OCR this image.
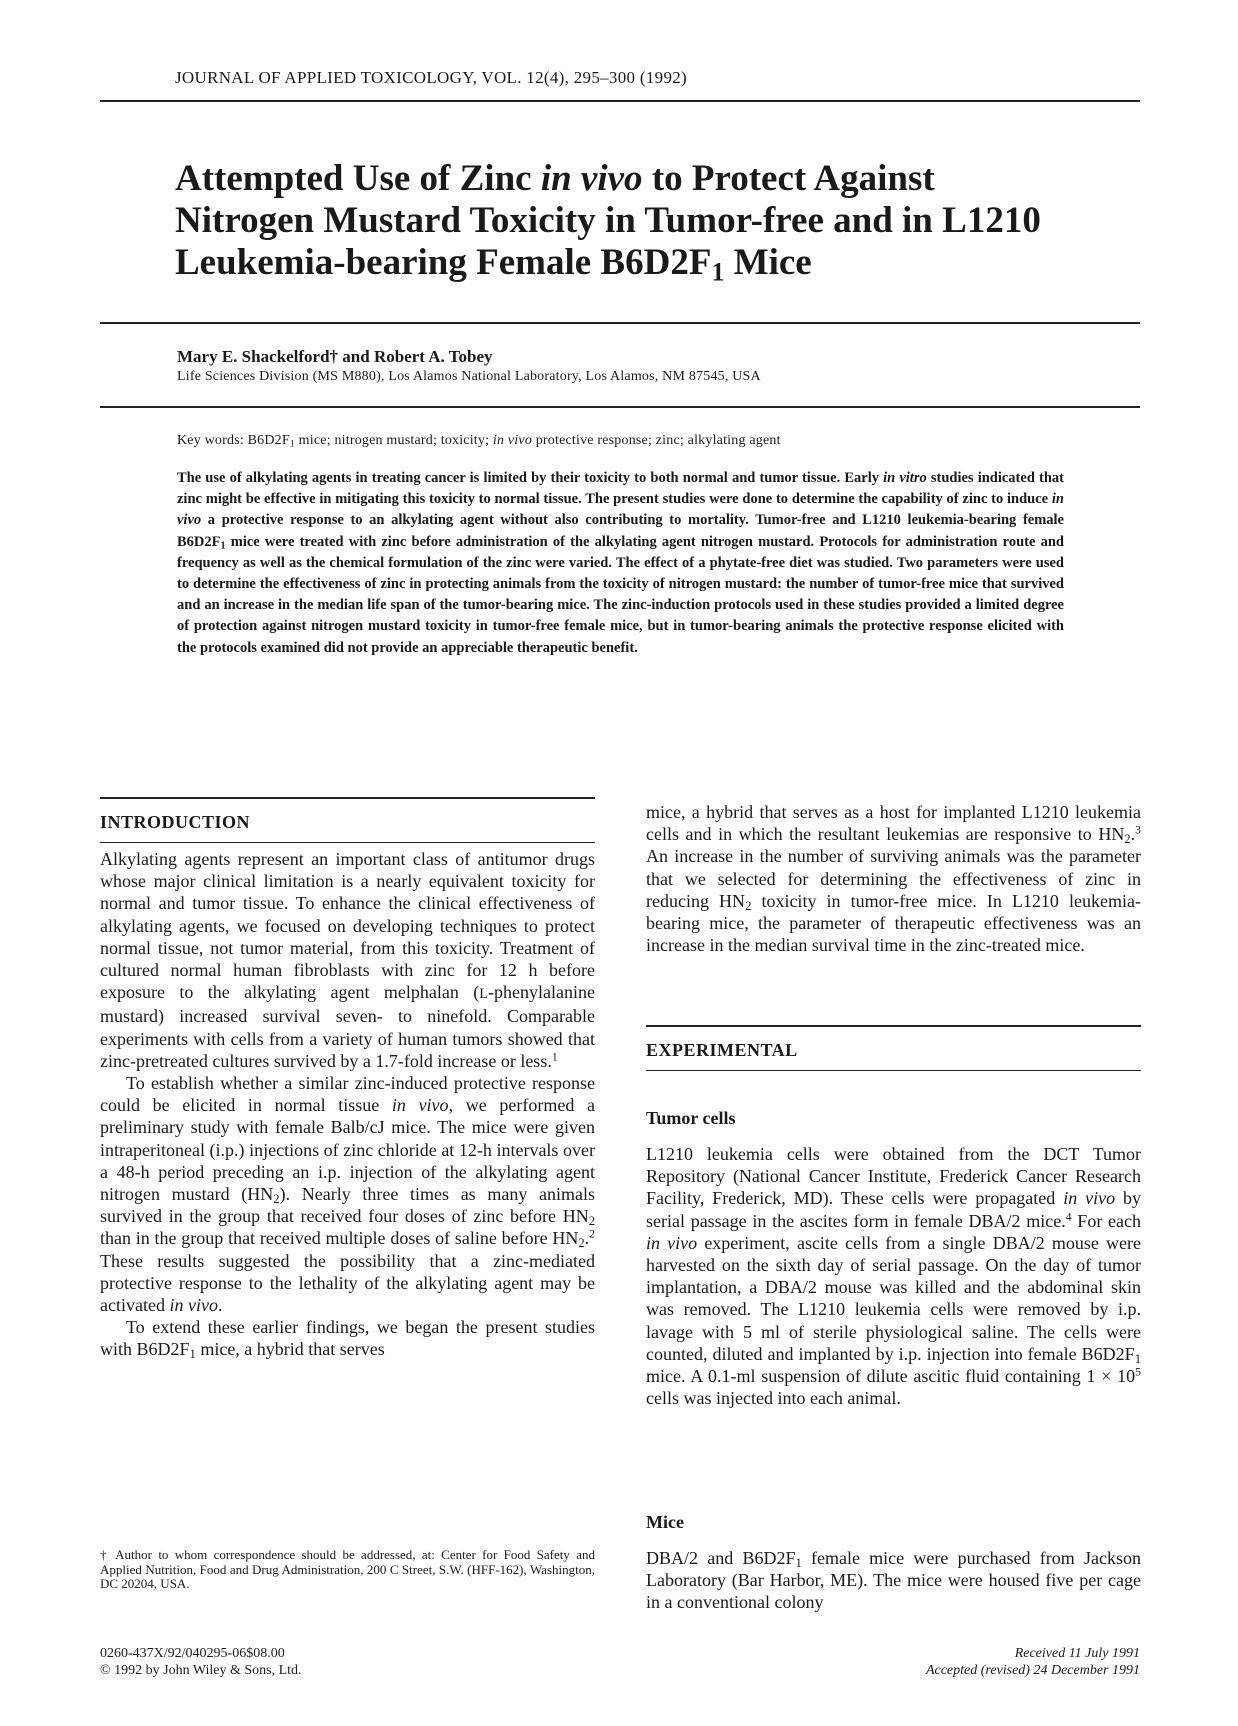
JOURNAL OF APPLIED TOXICOLOGY, VOL. 12(4), 295–300 (1992)
Attempted Use of Zinc in vivo to Protect Against Nitrogen Mustard Toxicity in Tumor-free and in L1210 Leukemia-bearing Female $B6D2F_1$ Mice
Mary E. Shackelford† and Robert A. Tobey
Life Sciences Division (MS M880), Los Alamos National Laboratory, Los Alamos, NM 87545, USA
Key words: $B6D2F_1$ mice; nitrogen mustard; toxicity; in vivo protective response; zinc; alkylating agent

The use of alkylating agents in treating cancer is limited by their toxicity to both normal and tumor tissue. Early in vitro studies indicated that zinc might be effective in mitigating this toxicity to normal tissue. The present studies were done to determine the capability of zinc to induce in vivo a protective response to an alkylating agent without also contributing to mortality. Tumor-free and L1210 leukemia-bearing female $B6D2F_1$ mice were treated with zinc before administration of the alkylating agent nitrogen mustard. Protocols for administration route and frequency as well as the chemical formulation of the zinc were varied. The effect of a phytate-free diet was studied. Two parameters were used to determine the effectiveness of zinc in protecting animals from the toxicity of nitrogen mustard: the number of tumor-free mice that survived and an increase in the median life span of the tumor-bearing mice. The zinc-induction protocols used in these studies provided a limited degree of protection against nitrogen mustard toxicity in tumor-free female mice, but in tumor-bearing animals the protective response elicited with the protocols examined did not provide an appreciable therapeutic benefit.

INTRODUCTION

Alkylating agents represent an important class of antitumor drugs whose major clinical limitation is a nearly equivalent toxicity for normal and tumor tissue. To enhance the clinical effectiveness of alkylating agents, we focused on developing techniques to protect normal tissue, not tumor material, from this toxicity. Treatment of cultured normal human fibroblasts with zinc for 12 h before exposure to the alkylating agent melphalan (L-phenylalanine mustard) increased survival seven- to ninefold. Comparable experiments with cells from a variety of human tumors showed that zinc-pretreated cultures survived by a 1.7-fold increase or less.$^1$

To establish whether a similar zinc-induced protective response could be elicited in normal tissue in vivo, we performed a preliminary study with female Balb/cJ mice. The mice were given intraperitoneal (i.p.) injections of zinc chloride at 12-h intervals over a 48-h period preceding an i.p. injection of the alkylating agent nitrogen mustard $(HN_2)$. Nearly three times as many animals survived in the group that received four doses of zinc before $HN_2$ than in the group that received multiple doses of saline before $HN_2.^2$ These results suggested the possibility that a zinc-mediated protective response to the lethality of the alkylating agent may be activated in vivo.

To extend these earlier findings, we began the present studies with $B6D2F_1$ mice, a hybrid that serves

† Author to whom correspondence should be addressed, at: Center for Food Safety and Applied Nutrition, Food and Drug Administration, 200 C Street, S.W. (HFF-162), Washington, DC 20204, USA.
0260-437X/92/040295-06$08.00
© 1992 by John Wiley & Sons, Ltd.
Received 11 July 1991
Accepted (revised) 24 December 1991

mice, a hybrid that serves as a host for implanted L1210 leukemia cells and in which the resultant leukemias are responsive to $HN_2.^3$ An increase in the number of surviving animals was the parameter that we selected for determining the effectiveness of zinc in reducing $HN_2$ toxicity in tumor-free mice. In L1210 leukemia-bearing mice, the parameter of therapeutic effectiveness was an increase in the median survival time in the zinc-treated mice.

EXPERIMENTAL
Tumor cells

L1210 leukemia cells were obtained from the DCT Tumor Repository (National Cancer Institute, Frederick Cancer Research Facility, Frederick, MD). These cells were propagated in vivo by serial passage in the ascites form in female DBA/2 mice.$^4$ For each in vivo experiment, ascite cells from a single DBA/2 mouse were harvested on the sixth day of serial passage. On the day of tumor implantation, a DBA/2 mouse was killed and the abdominal skin was removed. The L1210 leukemia cells were removed by i.p. lavage with 5 ml of sterile physiological saline. The cells were counted, diluted and implanted by i.p. injection into female $B6D2F_1$ mice. A 0.1-ml suspension of dilute ascitic fluid containing $1 \times 10^5$ cells was injected into each animal.

Mice

DBA/2 and $B6D2F_1$ female mice were purchased from Jackson Laboratory (Bar Harbor, ME). The mice were housed five per cage in a conventional colony
